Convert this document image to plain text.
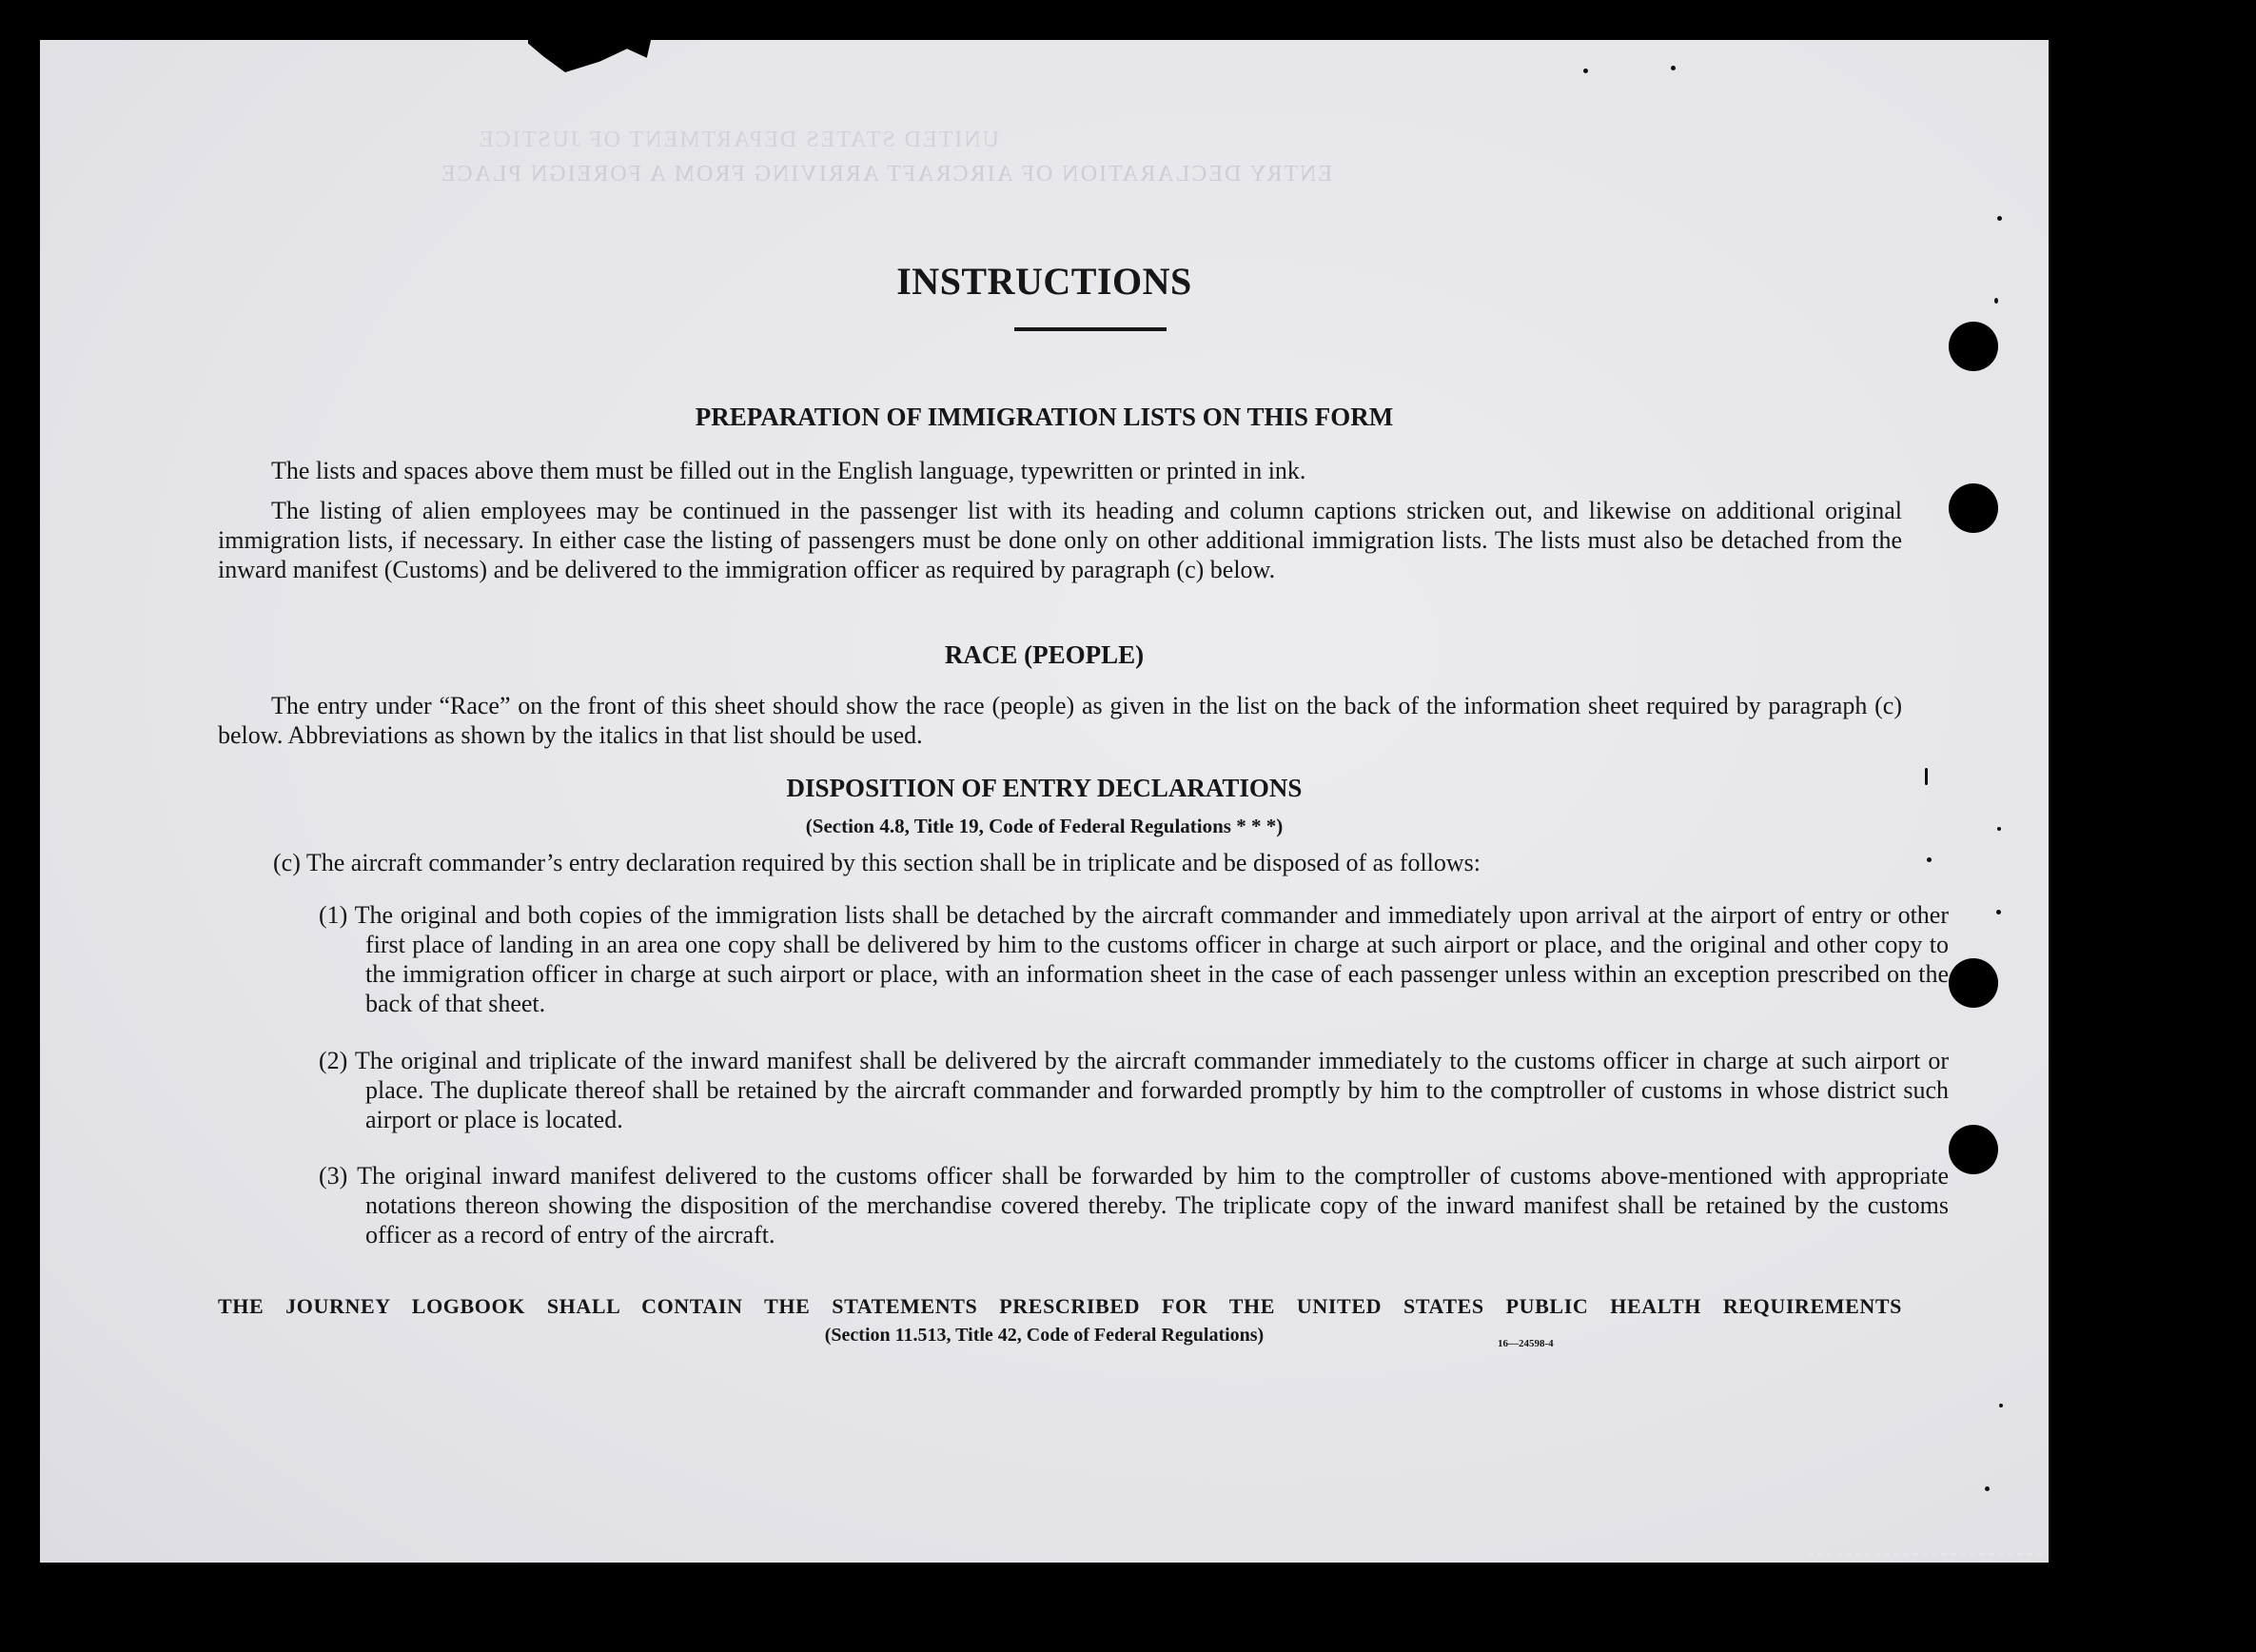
UNITED STATES DEPARTMENT OF JUSTICE
ENTRY DECLARATION OF AIRCRAFT ARRIVING FROM A FOREIGN PLACE
INSTRUCTIONS
PREPARATION OF IMMIGRATION LISTS ON THIS FORM

The lists and spaces above them must be filled out in the English language, typewritten or printed in ink.

The listing of alien employees may be continued in the passenger list with its heading and column captions stricken out, and likewise on additional original immigration lists, if necessary. In either case the listing of passengers must be done only on other additional immigration lists. The lists must also be detached from the inward manifest (Customs) and be delivered to the immigration officer as required by paragraph (c) below.

RACE (PEOPLE)

The entry under “Race” on the front of this sheet should show the race (people) as given in the list on the back of the information sheet required by paragraph (c) below. Abbreviations as shown by the italics in that list should be used.

DISPOSITION OF ENTRY DECLARATIONS

(Section 4.8, Title 19, Code of Federal Regulations * * *)

(c) The aircraft commander’s entry declaration required by this section shall be in triplicate and be disposed of as follows:

(1) The original and both copies of the immigration lists shall be detached by the aircraft commander and immediately upon arrival at the airport of entry or other first place of landing in an area one copy shall be delivered by him to the customs officer in charge at such airport or place, and the original and other copy to the immigration officer in charge at such airport or place, with an information sheet in the case of each passenger unless within an exception prescribed on the back of that sheet.

(2) The original and triplicate of the inward manifest shall be delivered by the aircraft commander immediately to the customs officer in charge at such airport or place. The duplicate thereof shall be retained by the aircraft commander and forwarded promptly by him to the comptroller of customs in whose district such airport or place is located.

(3) The original inward manifest delivered to the customs officer shall be forwarded by him to the comptroller of customs above-mentioned with appropriate notations thereon showing the disposition of the merchandise covered thereby. The triplicate copy of the inward manifest shall be retained by the customs officer as a record of entry of the aircraft.

THE JOURNEY LOGBOOK SHALL CONTAIN THE STATEMENTS PRESCRIBED FOR THE UNITED STATES PUBLIC HEALTH REQUIREMENTS

(Section 11.513, Title 42, Code of Federal Regulations)	16—24598-4
